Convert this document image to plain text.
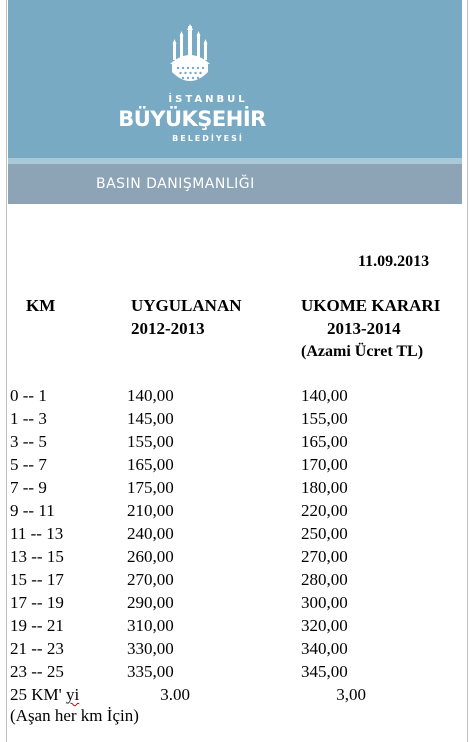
İSTANBUL
BÜYÜKŞEHİR
BELEDİYESİ
BASIN DANIŞMANLIĞI
11.09.2013
KM	UYGULANAN
2012-2013
UKOME KARARI
2013-2014
(Azami Ücret TL)
0 -- 1	140,00	140,00
1 -- 3	145,00	155,00
3 -- 5	155,00	165,00
5 -- 7	165,00	170,00
7 -- 9	175,00	180,00
9 -- 11	210,00	220,00
11 -- 13	240,00	250,00
13 -- 15	260,00	270,00
15 -- 17	270,00	280,00
17 -- 19	290,00	300,00
19 -- 21	310,00	320,00
21 -- 23	330,00	340,00
23 -- 25	335,00	345,00
25 KM' yi	3.00	3,00
(Aşan her km İçin)
